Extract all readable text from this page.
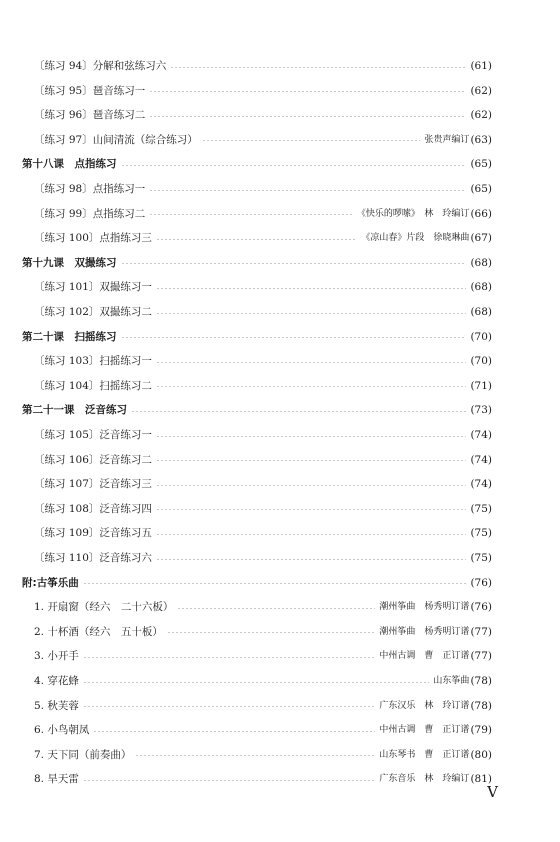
〔练习 94〕分解和弦练习六	(61)
〔练习 95〕琶音练习一	(62)
〔练习 96〕琶音练习二	(62)
〔练习 97〕山间清流（综合练习）	张贵声编订 (63)
第十八课　点指练习	(65)
〔练习 98〕点指练习一	(65)
〔练习 99〕点指练习二	《快乐的啰嗦》　林　玲编订 (66)
〔练习 100〕点指练习三	《凉山春》片段　徐晓琳曲 (67)
第十九课　双撮练习	(68)
〔练习 101〕双撮练习一	(68)
〔练习 102〕双撮练习二	(68)
第二十课　扫摇练习	(70)
〔练习 103〕扫摇练习一	(70)
〔练习 104〕扫摇练习二	(71)
第二十一课　泛音练习	(73)
〔练习 105〕泛音练习一	(74)
〔练习 106〕泛音练习二	(74)
〔练习 107〕泛音练习三	(74)
〔练习 108〕泛音练习四	(75)
〔练习 109〕泛音练习五	(75)
〔练习 110〕泛音练习六	(75)
附:古筝乐曲	(76)
1. 开扇窗（经六　二十六板）	潮州筝曲　杨秀明订谱 (76)
2. 十杯酒（经六　五十板）	潮州筝曲　杨秀明订谱 (77)
3. 小开手	中州古调　曹　正订谱 (77)
4. 穿花蜂	山东筝曲 (78)
5. 秋芙蓉	广东汉乐　林　玲订谱 (78)
6. 小鸟朝凤	中州古调　曹　正订谱 (79)
7. 天下同（前奏曲）	山东琴书　曹　正订谱 (80)
8. 旱天雷	广东音乐　林　玲编订 (81)
V
